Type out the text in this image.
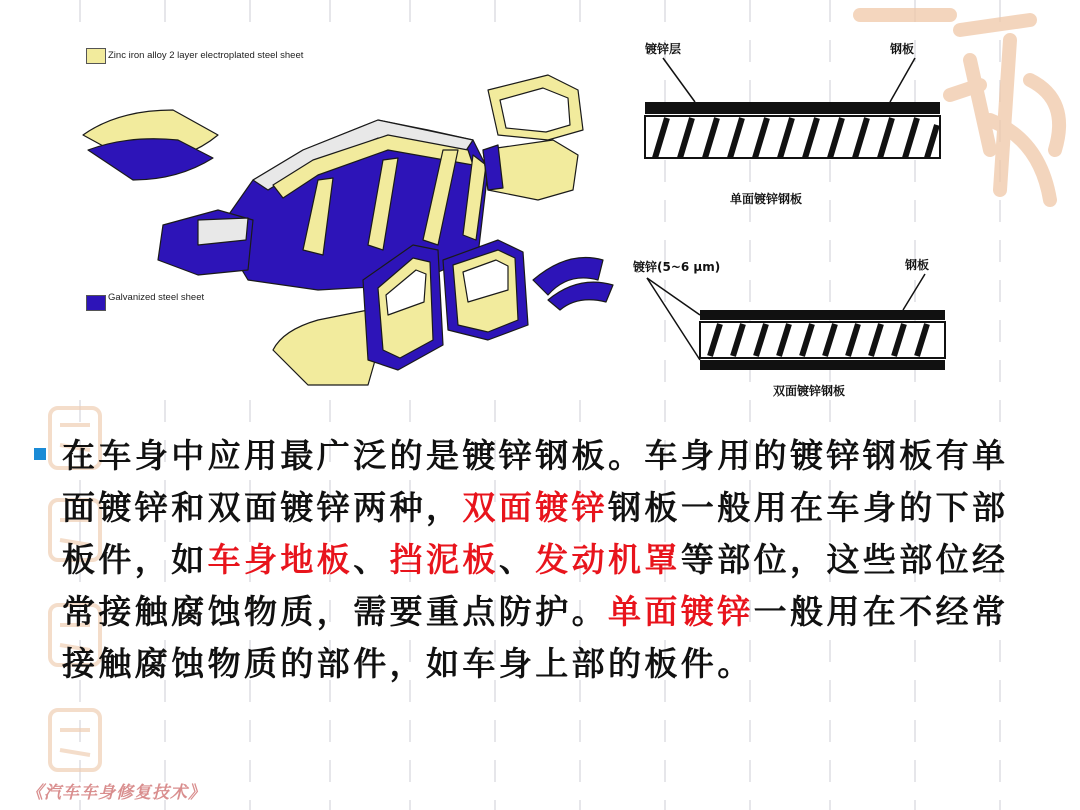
Zinc iron alloy 2 layer electroplated steel sheet
Galvanized steel sheet
镀锌层	钢板
单面镀锌钢板
镀锌(5~6 μm)	钢板
双面镀锌钢板
在车身中应用最广泛的是镀锌钢板。车身用的镀锌钢板有单面镀锌和双面镀锌两种，双面镀锌钢板一般用在车身的下部板件，如车身地板、挡泥板、发动机罩等部位，这些部位经常接触腐蚀物质，需要重点防护。单面镀锌一般用在不经常接触腐蚀物质的部件，如车身上部的板件。
《汽车车身修复技术》
